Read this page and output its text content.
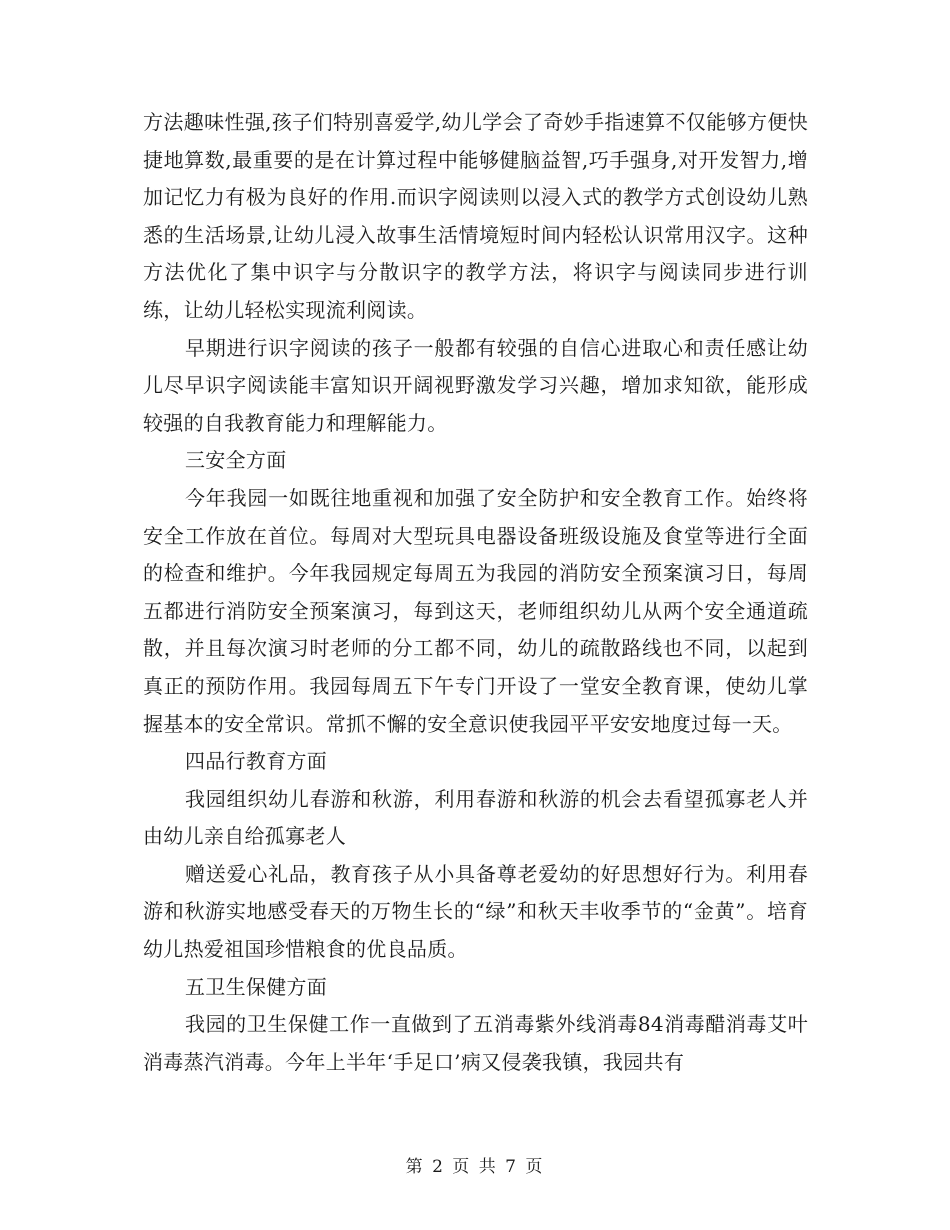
方法趣味性强,孩子们特别喜爱学,幼儿学会了奇妙手指速算不仅能够方便快捷地算数,最重要的是在计算过程中能够健脑益智,巧手强身,对开发智力,增加记忆力有极为良好的作用.而识字阅读则以浸入式的教学方式创设幼儿熟悉的生活场景,让幼儿浸入故事生活情境短时间内轻松认识常用汉字。这种方法优化了集中识字与分散识字的教学方法，将识字与阅读同步进行训练，让幼儿轻松实现流利阅读。

早期进行识字阅读的孩子一般都有较强的自信心进取心和责任感让幼儿尽早识字阅读能丰富知识开阔视野激发学习兴趣，增加求知欲，能形成较强的自我教育能力和理解能力。

三安全方面

今年我园一如既往地重视和加强了安全防护和安全教育工作。始终将安全工作放在首位。每周对大型玩具电器设备班级设施及食堂等进行全面的检查和维护。今年我园规定每周五为我园的消防安全预案演习日，每周五都进行消防安全预案演习，每到这天，老师组织幼儿从两个安全通道疏散，并且每次演习时老师的分工都不同，幼儿的疏散路线也不同，以起到真正的预防作用。我园每周五下午专门开设了一堂安全教育课，使幼儿掌握基本的安全常识。常抓不懈的安全意识使我园平平安安地度过每一天。

四品行教育方面

我园组织幼儿春游和秋游，利用春游和秋游的机会去看望孤寡老人并由幼儿亲自给孤寡老人

赠送爱心礼品，教育孩子从小具备尊老爱幼的好思想好行为。利用春游和秋游实地感受春天的万物生长的“绿”和秋天丰收季节的“金黄”。培育幼儿热爱祖国珍惜粮食的优良品质。

五卫生保健方面

我园的卫生保健工作一直做到了五消毒紫外线消毒84消毒醋消毒艾叶消毒蒸汽消毒。今年上半年‘手足口’病又侵袭我镇，我园共有

第 2 页 共 7 页
